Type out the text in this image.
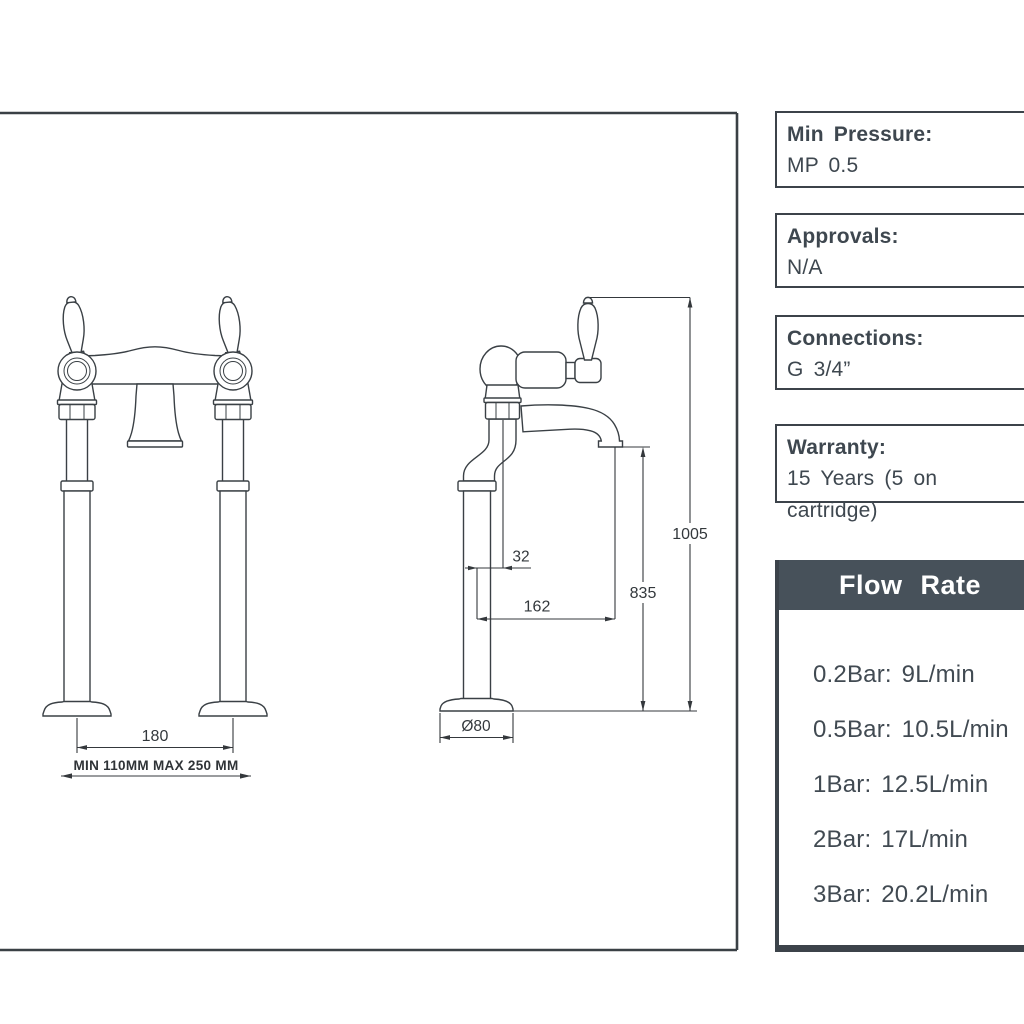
180
MIN 110MM MAX 250 MM
32
162
835
1005
Ø80
Min Pressure:
MP 0.5
Approvals:
N/A
Connections:
G 3/4”
Warranty:
15 Years (5 on cartridge)
Flow Rate
0.2Bar: 9L/min
0.5Bar: 10.5L/min
1Bar: 12.5L/min
2Bar: 17L/min
3Bar: 20.2L/min
